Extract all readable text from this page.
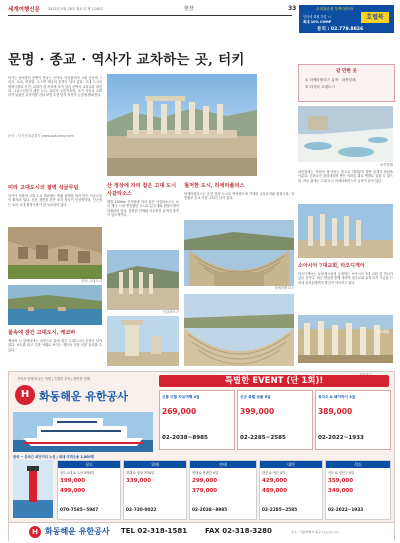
세계여행신문 2012년 5월 28일 월요일 제 1245호	현장	33	초대권증정 부쩍다한번!
인터넷 회원 가입 시
최대 10% COMP
호텔북
문의 : 02.779.8826
문명 · 종교 · 역사가 교차하는 곳, 터키
갈 만한 곳
① 히에라폴리스 유적 · 파묵칼레
② 터키의 고대도시
터키는 동서양의 문명이 만나는 곳이다. 아나톨리아 고원 곳곳에 그리스, 로마, 비잔틴, 오스만 제국의 흔적이 남아 있다. 고대 도시의 원형극장과 신전, 교회가 한 자리에 모여 있어 문명의 교차로라 불린다. 그리스인들이 세운 도시, 로마의 공중목욕탕, 초기 기독교 교회 터가 뒤섞인 유적지를 걷다 보면 수천 년의 역사가 눈앞에 펼쳐진다.
문의 : 터키문화관광부 www.goturkey.com
파묵칼레
파묵칼레는 '목화의 성'이라는 뜻으로 석회붕의 하얀 층계가 장관을 이룬다. 온천수가 흘러내리며 만든 석회층 위로 맨발로 걸을 수 있으며, 바로 위에는 고대 도시 히에라폴리스의 유적이 남아 있다.
미라 고대도시의 절벽 석굴무덤
리키아 지방의 고대 도시 미라에는 바위 절벽을 파서 만든 석굴무덤이 줄지어 있다. 신전 정면을 본뜬 조각 장식이 인상적이며, 인근에는 로마 시대 원형극장이 잘 보존되어 있다.
미라 고대도시
물속에 잠긴 고대도시, 케코바
케코바 섬 앞바다에는 지진으로 물에 잠긴 고대도시의 흔적이 남아 있다. 보트를 타고 수면 아래로 보이는 계단과 건물 터를 둘러볼 수 있다.
산 정상에 자리 잡은 고대 도시 사갈라소스
해발 1500m 산자락에 자리 잡은 사갈라소스는 로마 제국 시대 번성했던 도시로 분수대와 원형극장이 복원되어 있다. 웅장한 산세와 어우러진 유적의 풍경이 압도적이다.
사갈라소스
철저한 도시, 히에라폴리스
히에라폴리스는 온천 휴양 도시로 번성했으며 거대한 공동묘지와 원형극장, 성 빌립보 순교 기념 교회가 남아 있다.
히에라폴리스
소아시아 7대교회, 라오디게아
라오디게아는 요한계시록에 등장하는 소아시아 7대 교회 중 하나가 있던 곳이다. 최근 발굴을 통해 대리석 열주로와 교회 터가 모습을 드러내 성지순례객의 발길이 이어지고 있다.
열주대로
가족과 함께 떠나는 여행 | 특별한 추억 | 편안한 항해
H 화동해운 유한공사
특별한 EVENT (단 1회)!
신통 주말 자유여행 4일
269,000
02-2038~8985
신규 특별 상품 5일
399,000
02-2285~2585
칭다오 & 웨이하이 5일
389,000
02-2022~1933
한국 ~ 중국간 최단거리 노선 / 최대 여객수용 1,000명
청도
청도시내 & 노산 3박4일
399,000
499,000
070-7585~5947
위해
위해 & 영성 3박4일
339,000
02-730-0022
연태
연태 & 봉래각 4일
299,000
379,000
02-2038~8985
대련
대련 & 여순 4일
429,000
489,000
02-2285~2585
석도
석도 & 성산두 5일
359,000
349,000
02-2022~1933
H 화동해운 유한공사 TEL 02-318-1581	FAX 02-318-3280	주소 : 서울특별시 중구 ○○○로 ○○
